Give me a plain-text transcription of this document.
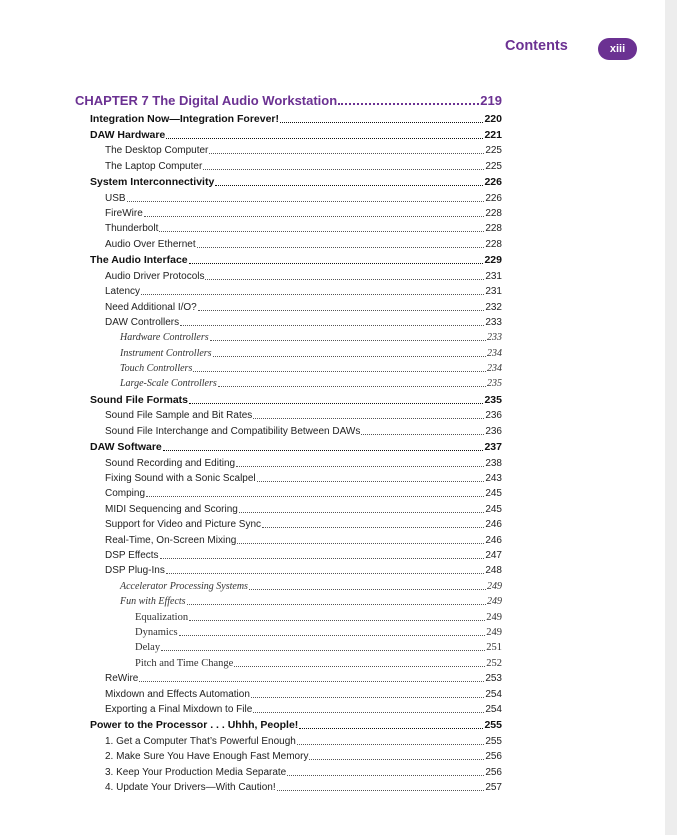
Contents	xiii
CHAPTER 7 The Digital Audio Workstation	219
Integration Now—Integration Forever!	220
DAW Hardware	221
The Desktop Computer	225
The Laptop Computer	225
System Interconnectivity	226
USB	226
FireWire	228
Thunderbolt	228
Audio Over Ethernet	228
The Audio Interface	229
Audio Driver Protocols	231
Latency	231
Need Additional I/O?	232
DAW Controllers	233
Hardware Controllers	233
Instrument Controllers	234
Touch Controllers	234
Large-Scale Controllers	235
Sound File Formats	235
Sound File Sample and Bit Rates	236
Sound File Interchange and Compatibility Between DAWs	236
DAW Software	237
Sound Recording and Editing	238
Fixing Sound with a Sonic Scalpel	243
Comping	245
MIDI Sequencing and Scoring	245
Support for Video and Picture Sync	246
Real-Time, On-Screen Mixing	246
DSP Effects	247
DSP Plug-Ins	248
Accelerator Processing Systems	249
Fun with Effects	249
Equalization	249
Dynamics	249
Delay	251
Pitch and Time Change	252
ReWire	253
Mixdown and Effects Automation	254
Exporting a Final Mixdown to File	254
Power to the Processor . . . Uhhh, People!	255
1. Get a Computer That’s Powerful Enough	255
2. Make Sure You Have Enough Fast Memory	256
3. Keep Your Production Media Separate	256
4. Update Your Drivers—With Caution!	257
